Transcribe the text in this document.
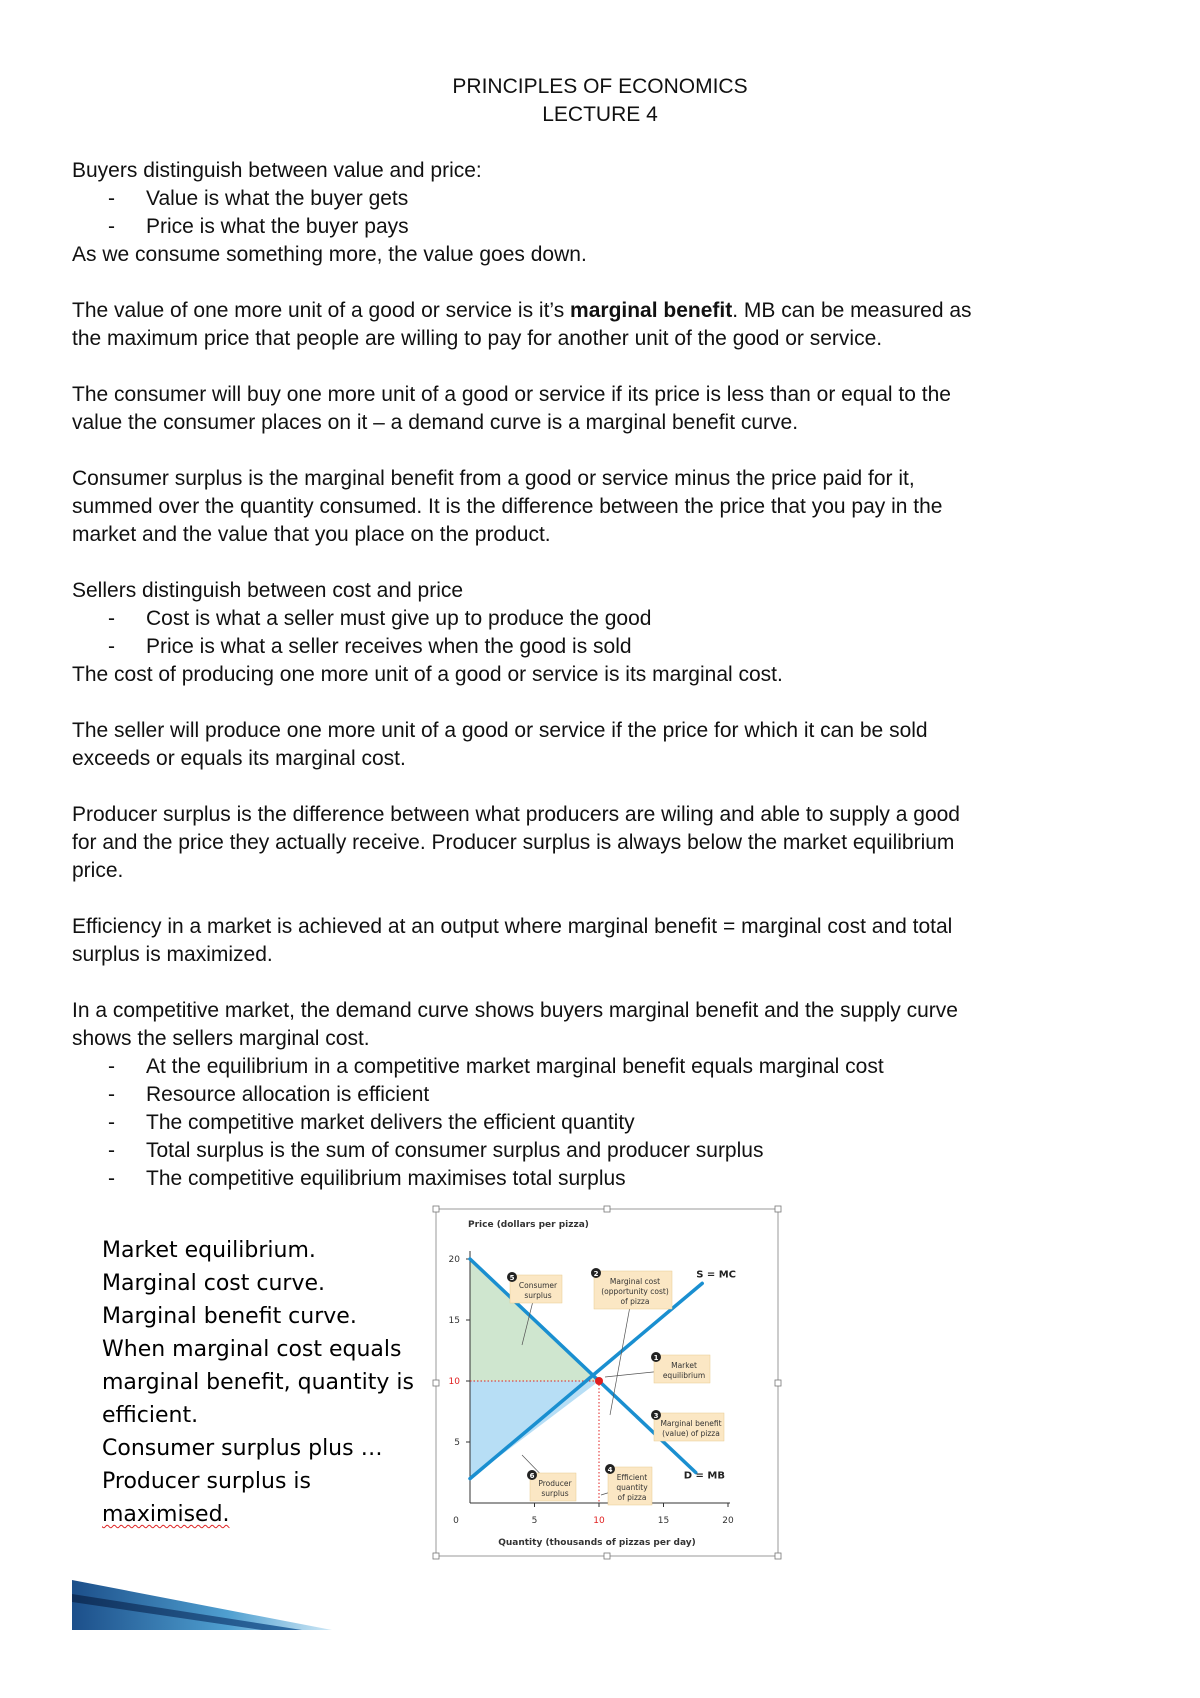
PRINCIPLES OF ECONOMICS
LECTURE 4
Buyers distinguish between value and price:
- Value is what the buyer gets
- Price is what the buyer pays
As we consume something more, the value goes down.
The value of one more unit of a good or service is it’s marginal benefit. MB can be measured as
the maximum price that people are willing to pay for another unit of the good or service.
The consumer will buy one more unit of a good or service if its price is less than or equal to the
value the consumer places on it – a demand curve is a marginal benefit curve.
Consumer surplus is the marginal benefit from a good or service minus the price paid for it,
summed over the quantity consumed. It is the difference between the price that you pay in the
market and the value that you place on the product.
Sellers distinguish between cost and price
- Cost is what a seller must give up to produce the good
- Price is what a seller receives when the good is sold
The cost of producing one more unit of a good or service is its marginal cost.
The seller will produce one more unit of a good or service if the price for which it can be sold
exceeds or equals its marginal cost.
Producer surplus is the difference between what producers are wiling and able to supply a good
for and the price they actually receive. Producer surplus is always below the market equilibrium
price.
Efficiency in a market is achieved at an output where marginal benefit = marginal cost and total
surplus is maximized.
In a competitive market, the demand curve shows buyers marginal benefit and the supply curve
shows the sellers marginal cost.
- At the equilibrium in a competitive market marginal benefit equals marginal cost
- Resource allocation is efficient
- The competitive market delivers the efficient quantity
- Total surplus is the sum of consumer surplus and producer surplus
- The competitive equilibrium maximises total surplus
Market equilibrium.
Marginal cost curve.
Marginal benefit curve.
When marginal cost equals
marginal benefit, quantity is
efficient.
Consumer surplus plus …
Producer surplus is
maximised.
Price (dollars per pizza)
Quantity (thousands of pizzas per day)
0	5	10	15	20
5
10
15
20
S = MC
D = MB
5
Consumer
surplus
2
Marginal cost
(opportunity cost)
of pizza
1
Market
equilibrium
3
Marginal benefit
(value) of pizza
4
Efficient
quantity
of pizza
6
Producer
surplus
